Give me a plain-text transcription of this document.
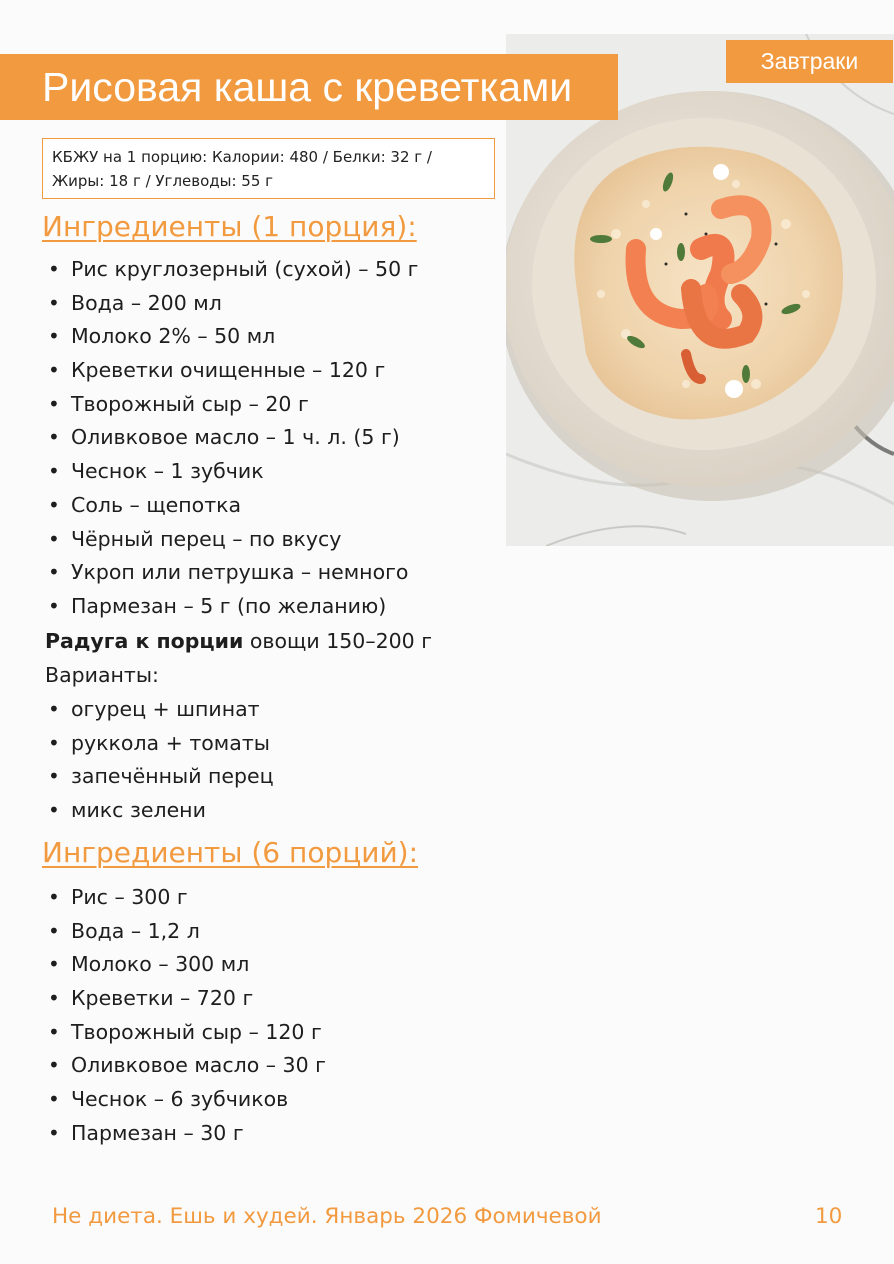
Завтраки
Рисовая каша с креветками
КБЖУ на 1 порцию: Калории: 480 / Белки: 32 г /
Жиры: 18 г / Углеводы: 55 г
Ингредиенты (1 порция):
• Рис круглозерный (сухой) – 50 г
• Вода – 200 мл
• Молоко 2% – 50 мл
• Креветки очищенные – 120 г
• Творожный сыр – 20 г
• Оливковое масло – 1 ч. л. (5 г)
• Чеснок – 1 зубчик
• Соль – щепотка
• Чёрный перец – по вкусу
• Укроп или петрушка – немного
• Пармезан – 5 г (по желанию)
Радуга к порции овощи 150–200 г
Варианты:
• огурец + шпинат
• руккола + томаты
• запечённый перец
• микс зелени
Ингредиенты (6 порций):
• Рис – 300 г
• Вода – 1,2 л
• Молоко – 300 мл
• Креветки – 720 г
• Творожный сыр – 120 г
• Оливковое масло – 30 г
• Чеснок – 6 зубчиков
• Пармезан – 30 г
Не диета. Ешь и худей. Январь 2026 Фомичевой	10
